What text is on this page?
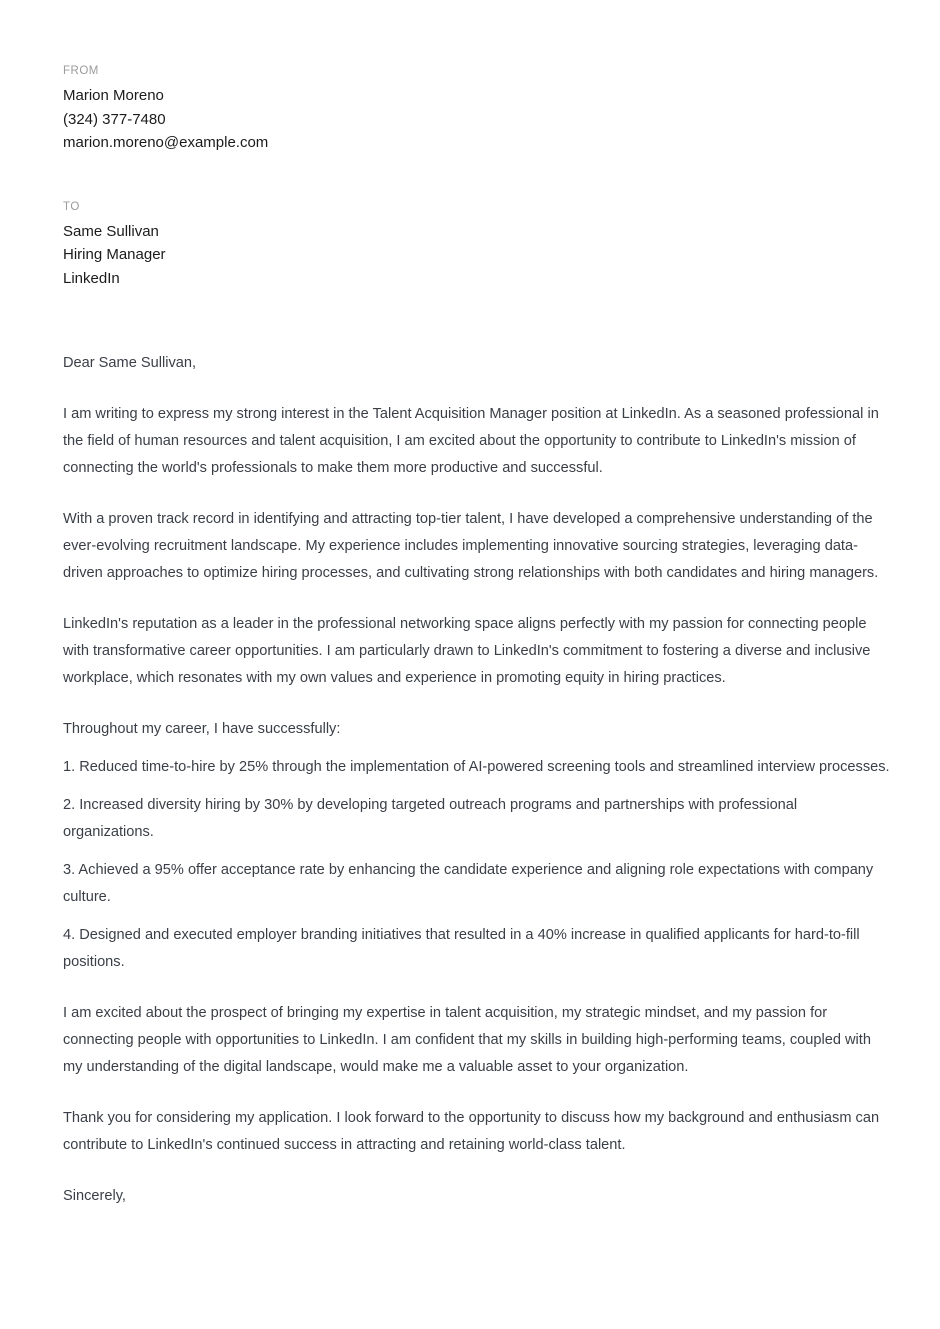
FROM
Marion Moreno
(324) 377-7480
marion.moreno@example.com
TO
Same Sullivan
Hiring Manager
LinkedIn

Dear Same Sullivan,

I am writing to express my strong interest in the Talent Acquisition Manager position at LinkedIn. As a seasoned professional in the field of human resources and talent acquisition, I am excited about the opportunity to contribute to LinkedIn's mission of connecting the world's professionals to make them more productive and successful.

With a proven track record in identifying and attracting top-tier talent, I have developed a comprehensive understanding of the ever-evolving recruitment landscape. My experience includes implementing innovative sourcing strategies, leveraging data-driven approaches to optimize hiring processes, and cultivating strong relationships with both candidates and hiring managers.

LinkedIn's reputation as a leader in the professional networking space aligns perfectly with my passion for connecting people with transformative career opportunities. I am particularly drawn to LinkedIn's commitment to fostering a diverse and inclusive workplace, which resonates with my own values and experience in promoting equity in hiring practices.

Throughout my career, I have successfully:

1. Reduced time-to-hire by 25% through the implementation of AI-powered screening tools and streamlined interview processes.

2. Increased diversity hiring by 30% by developing targeted outreach programs and partnerships with professional organizations.

3. Achieved a 95% offer acceptance rate by enhancing the candidate experience and aligning role expectations with company culture.

4. Designed and executed employer branding initiatives that resulted in a 40% increase in qualified applicants for hard-to-fill positions.

I am excited about the prospect of bringing my expertise in talent acquisition, my strategic mindset, and my passion for connecting people with opportunities to LinkedIn. I am confident that my skills in building high-performing teams, coupled with my understanding of the digital landscape, would make me a valuable asset to your organization.

Thank you for considering my application. I look forward to the opportunity to discuss how my background and enthusiasm can contribute to LinkedIn's continued success in attracting and retaining world-class talent.

Sincerely,
